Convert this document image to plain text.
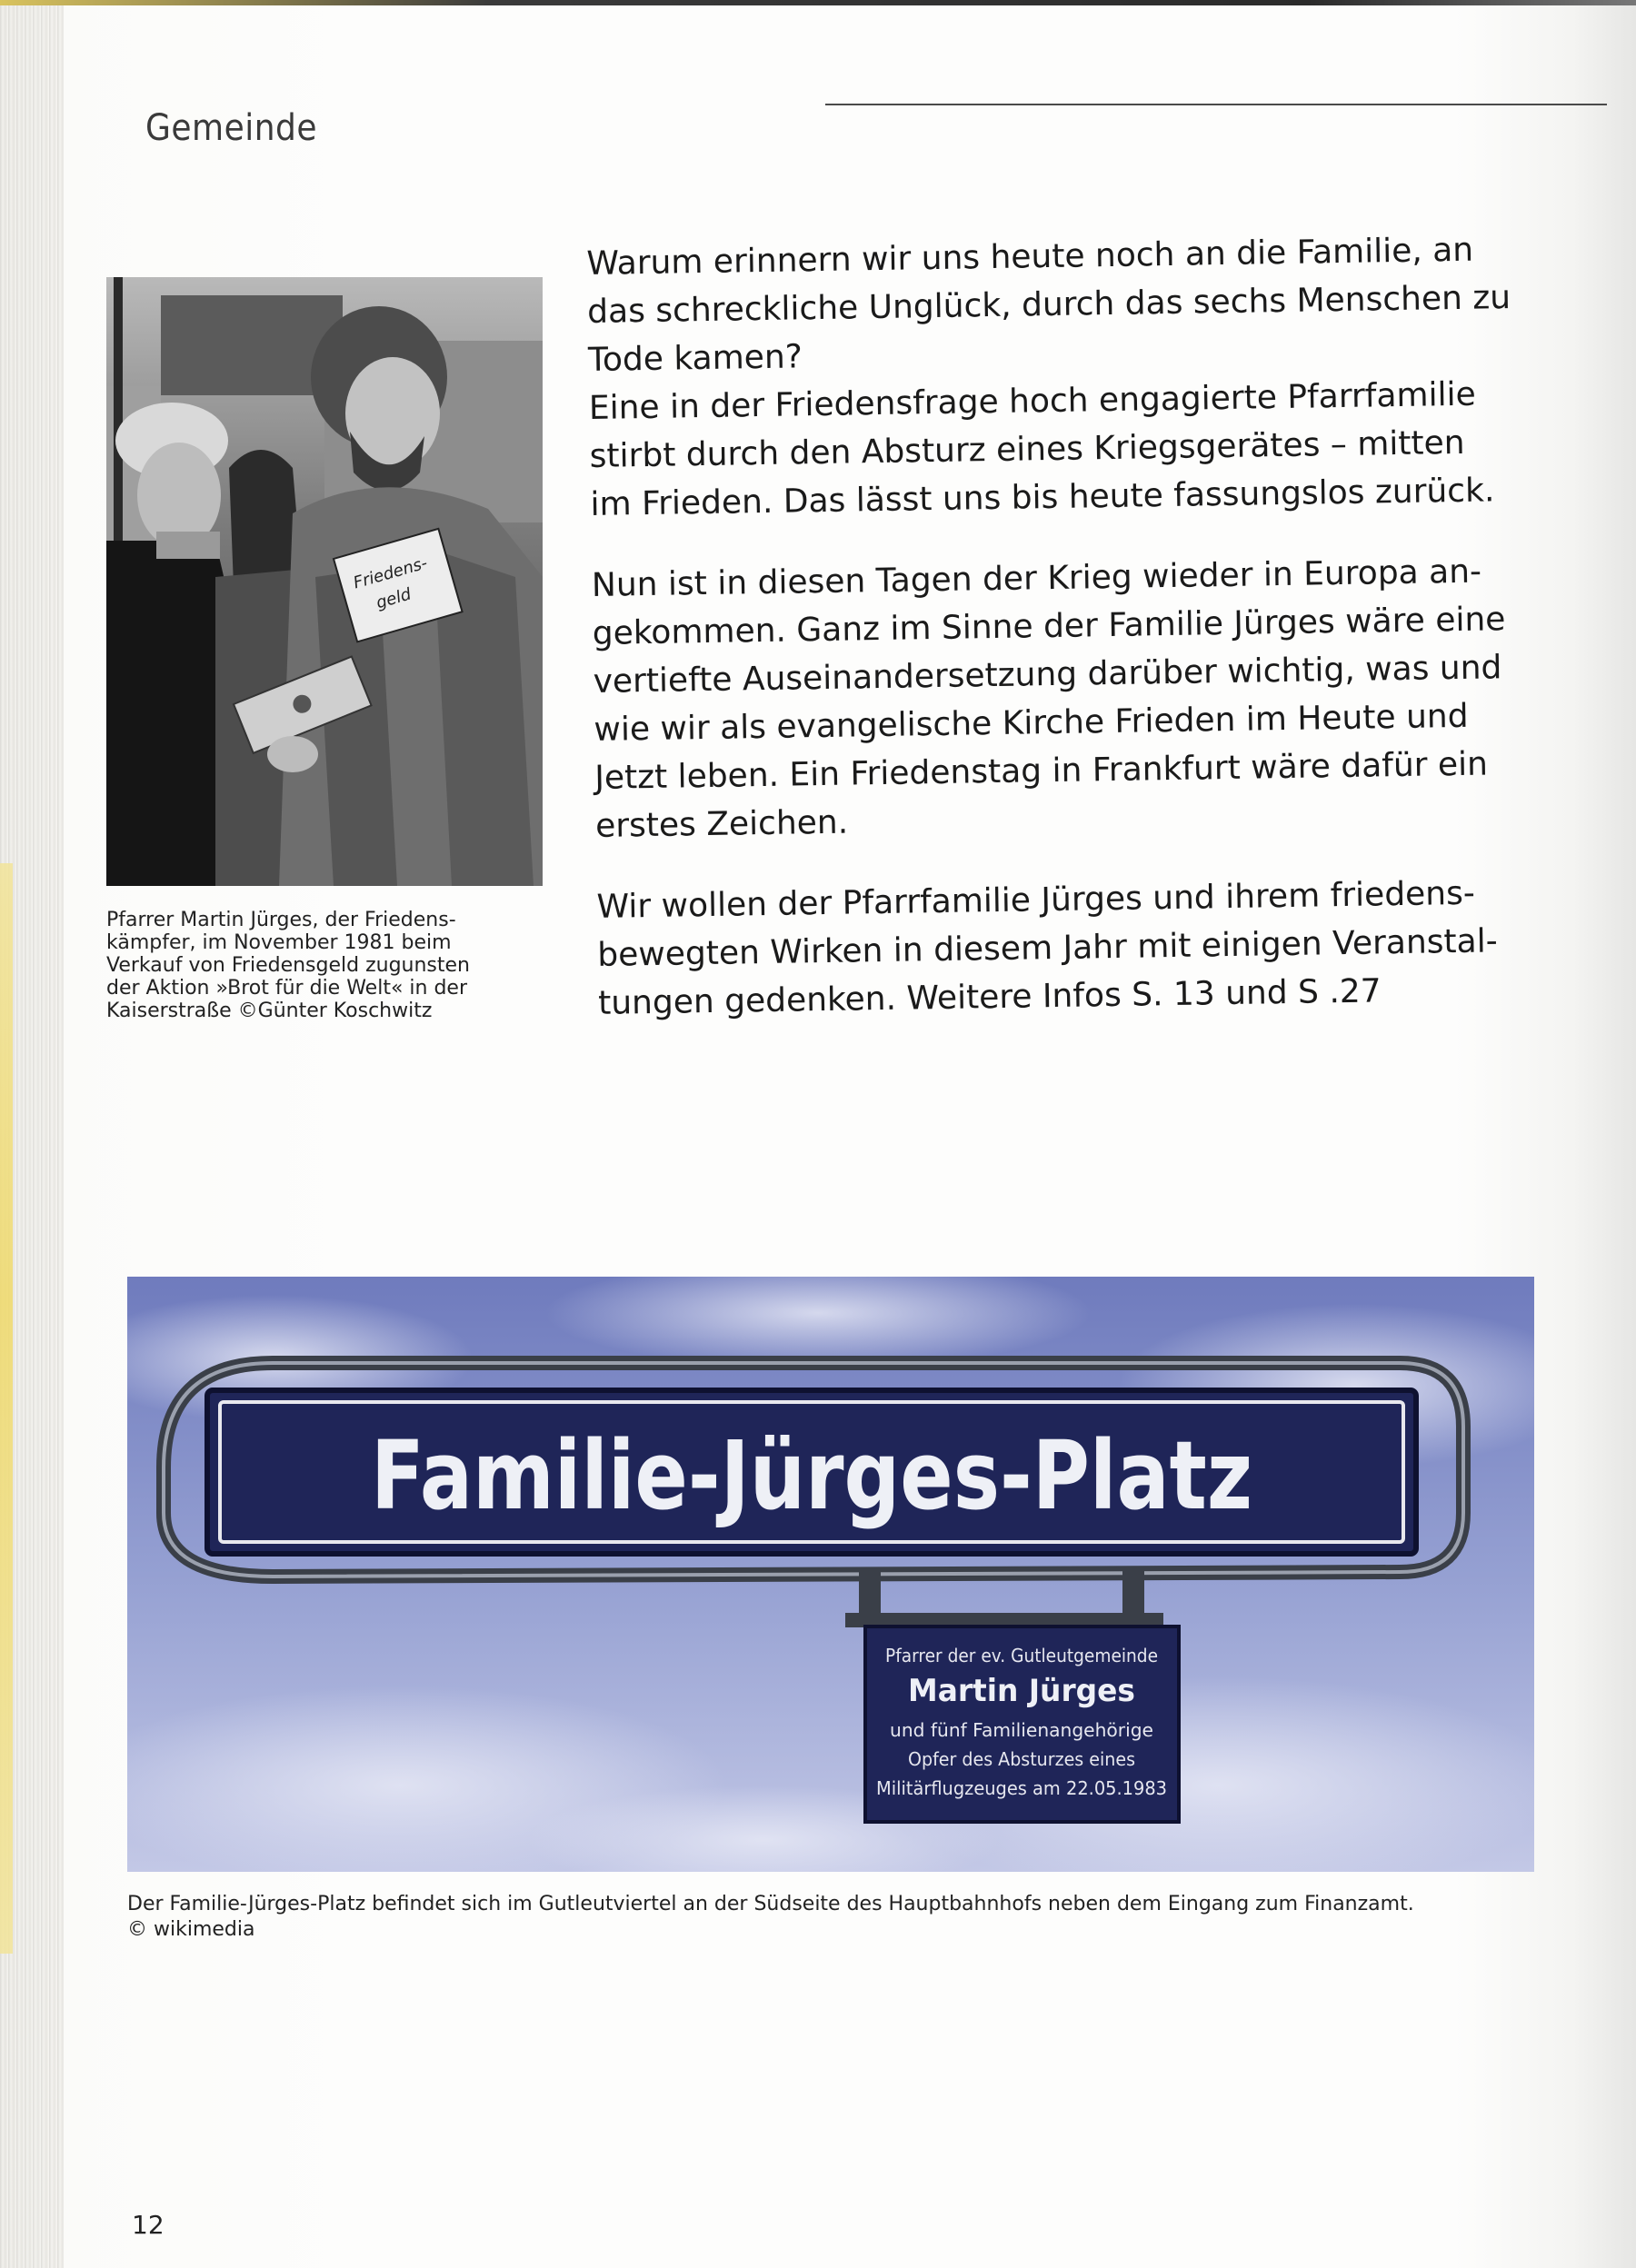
Gemeinde
Friedens-
geld
Pfarrer Martin Jürges, der Friedens-
kämpfer, im November 1981 beim
Verkauf von Friedensgeld zugunsten
der Aktion »Brot für die Welt« in der
Kaiserstraße ©Günter Koschwitz
Warum erinnern wir uns heute noch an die Familie, an
das schreckliche Unglück, durch das sechs Menschen zu
Tode kamen?
Eine in der Friedensfrage hoch engagierte Pfarrfamilie
stirbt durch den Absturz eines Kriegsgerätes – mitten
im Frieden. Das lässt uns bis heute fassungslos zurück.
Nun ist in diesen Tagen der Krieg wieder in Europa an-
gekommen. Ganz im Sinne der Familie Jürges wäre eine
vertiefte Auseinandersetzung darüber wichtig, was und
wie wir als evangelische Kirche Frieden im Heute und
Jetzt leben. Ein Friedenstag in Frankfurt wäre dafür ein
erstes Zeichen.
Wir wollen der Pfarrfamilie Jürges und ihrem friedens-
bewegten Wirken in diesem Jahr mit einigen Veranstal-
tungen gedenken. Weitere Infos S. 13 und S .27
Familie-Jürges-Platz
Pfarrer der ev. Gutleutgemeinde
Martin Jürges
und fünf Familienangehörige
Opfer des Absturzes eines
Militärflugzeuges am 22.05.1983
Der Familie-Jürges-Platz befindet sich im Gutleutviertel an der Südseite des Hauptbahnhofs neben dem Eingang zum Finanzamt.
© wikimedia
12
